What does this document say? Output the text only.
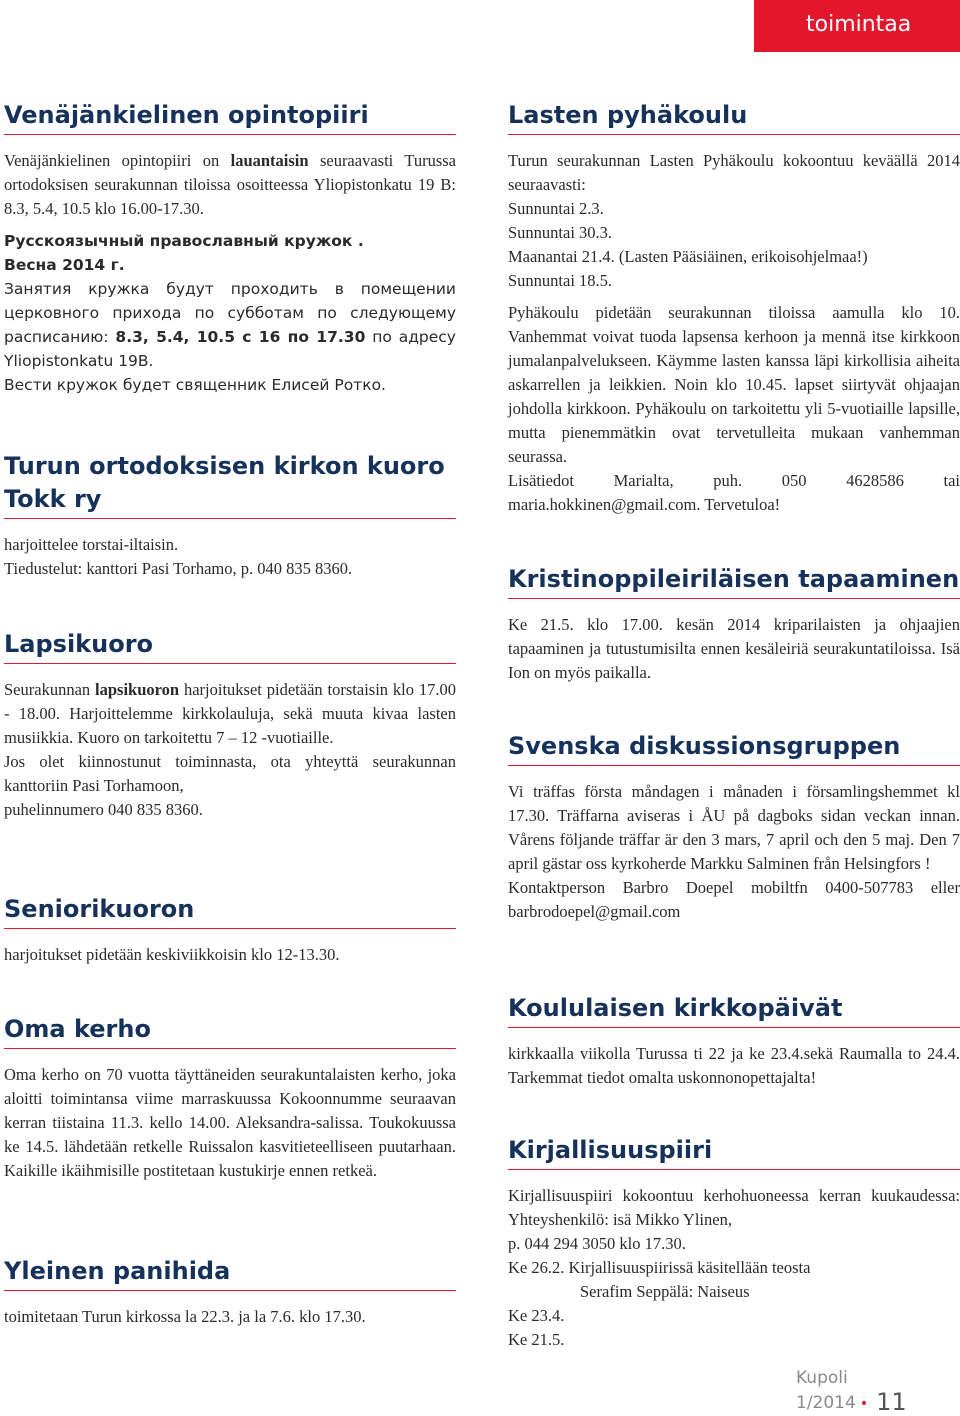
toimintaa
Venäjänkielinen opintopiiri

Venäjänkielinen opintopiiri on lauantaisin seuraavasti Turussa ortodoksisen seurakunnan tiloissa osoitteessa Yliopistonkatu 19 B: 8.3, 5.4, 10.5 klo 16.00-17.30.

Русскоязычный православный кружок .
Весна 2014 г.
Занятия кружка будут проходить в помещении церковного прихода по субботам по следующему расписанию: 8.3, 5.4, 10.5 с 16 по 17.30 по адресу Yliopistonkatu 19B.
Вести кружок будет священник Елисей Ротко.
Turun ortodoksisen kirkon kuoro
Tokk ry

harjoittelee torstai-iltaisin.

Tiedustelut: kanttori Pasi Torhamo, p. 040 835 8360.

Lapsikuoro

Seurakunnan lapsikuoron harjoitukset pidetään torstaisin klo 17.00 - 18.00. Harjoittelemme kirkkolauluja, sekä muuta kivaa lasten musiikkia. Kuoro on tarkoitettu 7 – 12 -vuotiaille.

Jos olet kiinnostunut toiminnasta, ota yhteyttä seurakunnan kanttoriin Pasi Torhamoon,

puhelinnumero 040 835 8360.

Seniorikuoron

harjoitukset pidetään keskiviikkoisin klo 12-13.30.

Oma kerho

Oma kerho on 70 vuotta täyttäneiden seurakuntalaisten kerho, joka aloitti toimintansa viime marraskuussa Kokoonnumme seuraavan kerran tiistaina 11.3. kello 14.00. Aleksandra-salissa. Toukokuussa ke 14.5. lähdetään retkelle Ruissalon kasvitieteelliseen puutarhaan. Kaikille ikäihmisille postitetaan kustukirje ennen retkeä.

Yleinen panihida

toimitetaan Turun kirkossa la 22.3. ja la 7.6. klo 17.30.

Lasten pyhäkoulu

Turun seurakunnan Lasten Pyhäkoulu kokoontuu keväällä 2014 seuraavasti:

Sunnuntai 2.3.

Sunnuntai 30.3.

Maanantai 21.4. (Lasten Pääsiäinen, erikoisohjelmaa!)

Sunnuntai 18.5.

Pyhäkoulu pidetään seurakunnan tiloissa aamulla klo 10. Vanhemmat voivat tuoda lapsensa kerhoon ja mennä itse kirkkoon jumalanpalvelukseen. Käymme lasten kanssa läpi kirkollisia aiheita askarrellen ja leikkien. Noin klo 10.45. lapset siirtyvät ohjaajan johdolla kirkkoon. Pyhäkoulu on tarkoitettu yli 5-vuotiaille lapsille, mutta pienemmätkin ovat tervetulleita mukaan vanhemman seurassa.

Lisätiedot Marialta, puh. 050 4628586 tai maria.hokkinen@gmail.com. Tervetuloa!

Kristinoppileiriläisen tapaaminen

Ke 21.5. klo 17.00. kesän 2014 kriparilaisten ja ohjaajien tapaaminen ja tutustumisilta ennen kesäleiriä seurakuntatiloissa. Isä Ion on myös paikalla.

Svenska diskussionsgruppen

Vi träffas första måndagen i månaden i församlingshemmet kl 17.30. Träffarna aviseras i ÅU på dagboks sidan veckan innan. Vårens följande träffar är den 3 mars, 7 april och den 5 maj. Den 7 april gästar oss kyrkoherde Markku Salminen från Helsingfors !

Kontaktperson Barbro Doepel mobiltfn 0400-507783 eller barbrodoepel@gmail.com

Koululaisen kirkkopäivät

kirkkaalla viikolla Turussa ti 22 ja ke 23.4.sekä Raumalla to 24.4. Tarkemmat tiedot omalta uskonnonopettajalta!

Kirjallisuuspiiri

Kirjallisuuspiiri kokoontuu kerhohuoneessa kerran kuukaudessa: Yhteyshenkilö: isä Mikko Ylinen,

p. 044 294 3050 klo 17.30.

Ke 26.2. Kirjallisuuspiirissä käsitellään teosta

Serafim Seppälä: Naiseus

Ke 23.4.

Ke 21.5.

Kupoli 1/2014 • 11
